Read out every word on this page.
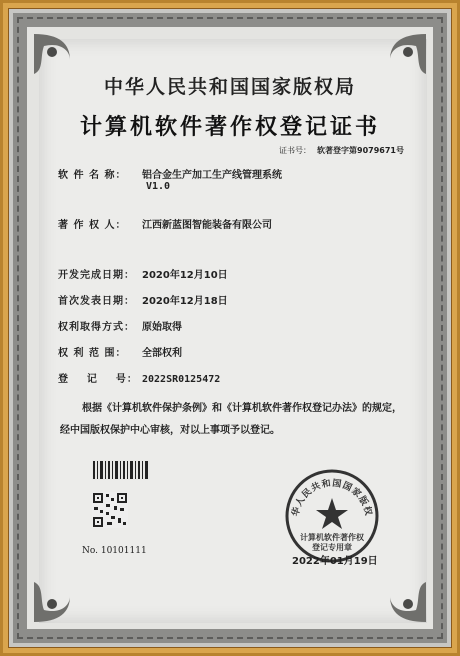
中华人民共和国国家版权局
计算机软件著作权登记证书
证书号： 软著登字第9079671号
软 件 名 称： 铝合金生产加工生产线管理系统
V1.0
著 作 权 人： 江西新蓝图智能装备有限公司
开发完成日期： 2020年12月10日
首次发表日期： 2020年12月18日
权利取得方式： 原始取得
权 利 范 围： 全部权利
登    记    号： 2022SR0125472
根据《计算机软件保护条例》和《计算机软件著作权登记办法》的规定，经中国版权保护中心审核，对以上事项予以登记。
No. 10101111
华人民共和国国家版权
计算机软件著作权
登记专用章
2022年01月19日
